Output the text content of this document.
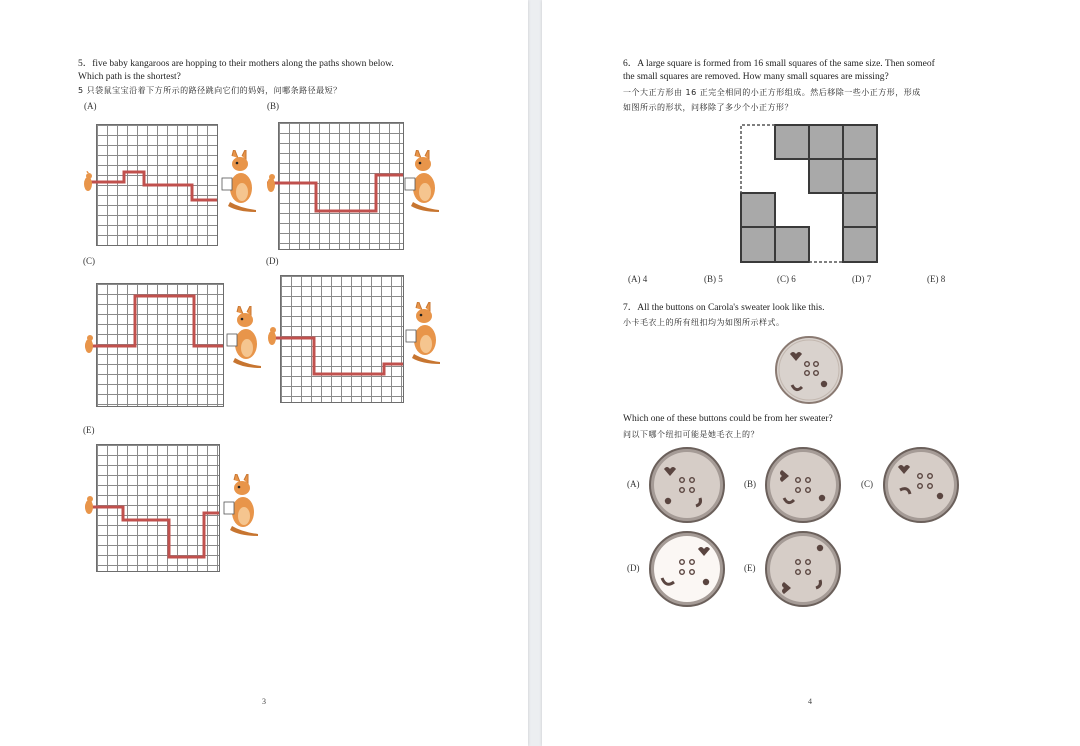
5．five baby kangaroos are hopping to their mothers along the paths shown below.
Which path is the shortest?
5 只袋鼠宝宝沿着下方所示的路径跳向它们的妈妈，问哪条路径最短？
(A)	(B)
(C)	(D)
(E)
3
6．A large square is formed from 16 small squares of the same size. Then someof
the small squares are removed. How many small squares are missing?
一个大正方形由 16 正完全相同的小正方形组成。然后移除一些小正方形，形成
如图所示的形状，问移除了多少个小正方形？
(A) 4	(B) 5	(C) 6	(D) 7	(E) 8
7．All the buttons on Carola's sweater look like this.
小卡毛衣上的所有纽扣均为如图所示样式。
Which one of these buttons could be from her sweater?
问以下哪个纽扣可能是她毛衣上的？
(A)	(B)	(C)
(D)	(E)
4
